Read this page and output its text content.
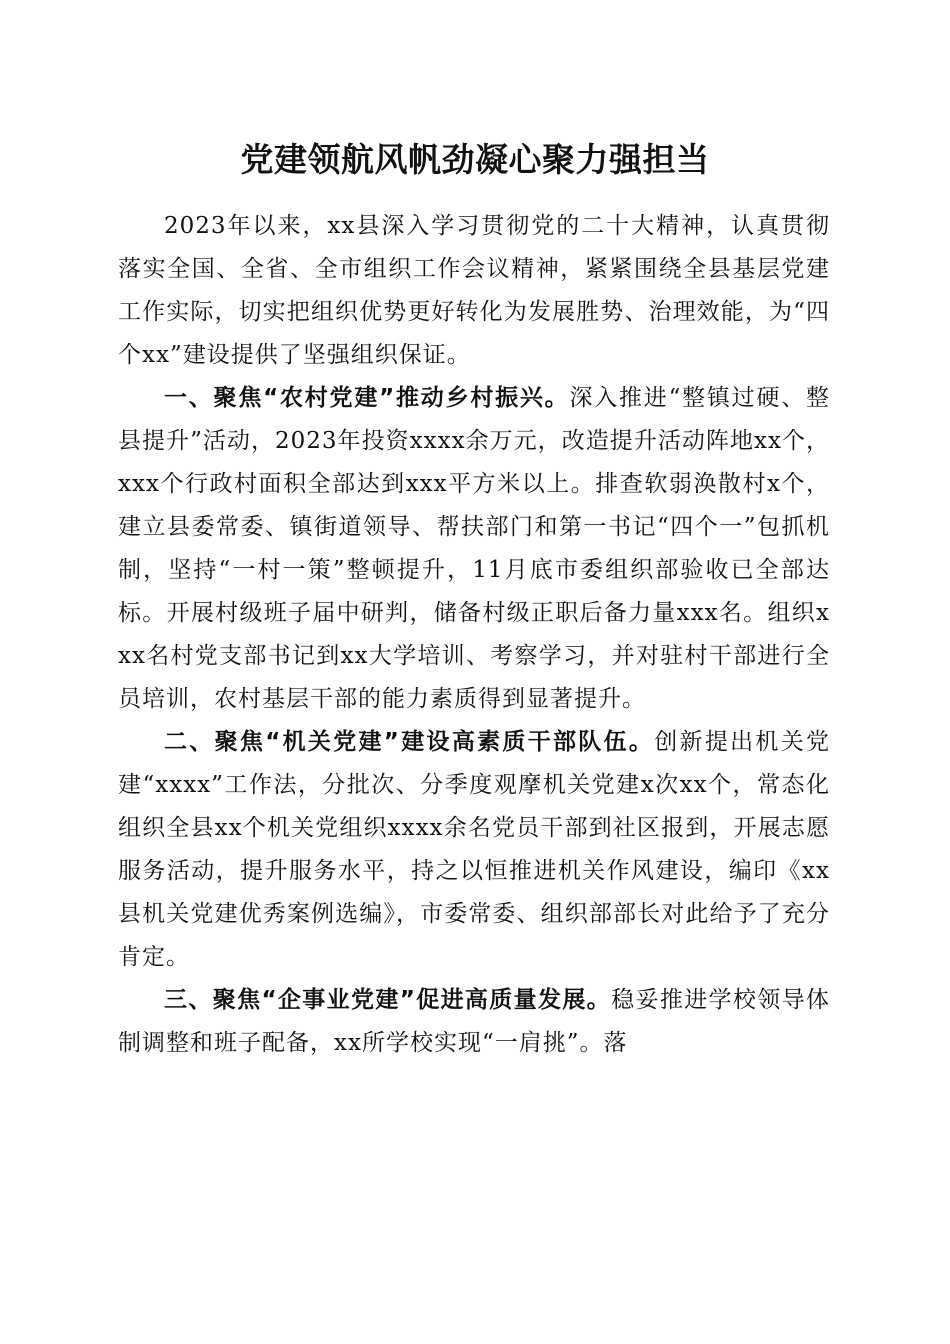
党建领航风帆劲凝心聚力强担当

2023年以来，xx县深入学习贯彻党的二十大精神，认真贯彻落实全国、全省、全市组织工作会议精神，紧紧围绕全县基层党建工作实际，切实把组织优势更好转化为发展胜势、治理效能，为“四个xx”建设提供了坚强组织保证。

一、聚焦“农村党建”推动乡村振兴。深入推进“整镇过硬、整县提升”活动，2023年投资xxxx余万元，改造提升活动阵地xx个，xxx个行政村面积全部达到xxx平方米以上。排查软弱涣散村x个，建立县委常委、镇街道领导、帮扶部门和第一书记“四个一”包抓机制，坚持“一村一策”整顿提升，11月底市委组织部验收已全部达标。开展村级班子届中研判，储备村级正职后备力量xxx名。组织xxx名村党支部书记到xx大学培训、考察学习，并对驻村干部进行全员培训，农村基层干部的能力素质得到显著提升。

二、聚焦“机关党建”建设高素质干部队伍。创新提出机关党建“xxxx”工作法，分批次、分季度观摩机关党建x次xx个，常态化组织全县xx个机关党组织xxxx余名党员干部到社区报到，开展志愿服务活动，提升服务水平，持之以恒推进机关作风建设，编印《xx县机关党建优秀案例选编》，市委常委、组织部部长对此给予了充分肯定。

三、聚焦“企事业党建”促进高质量发展。稳妥推进学校领导体制调整和班子配备，xx所学校实现“一肩挑”。落
